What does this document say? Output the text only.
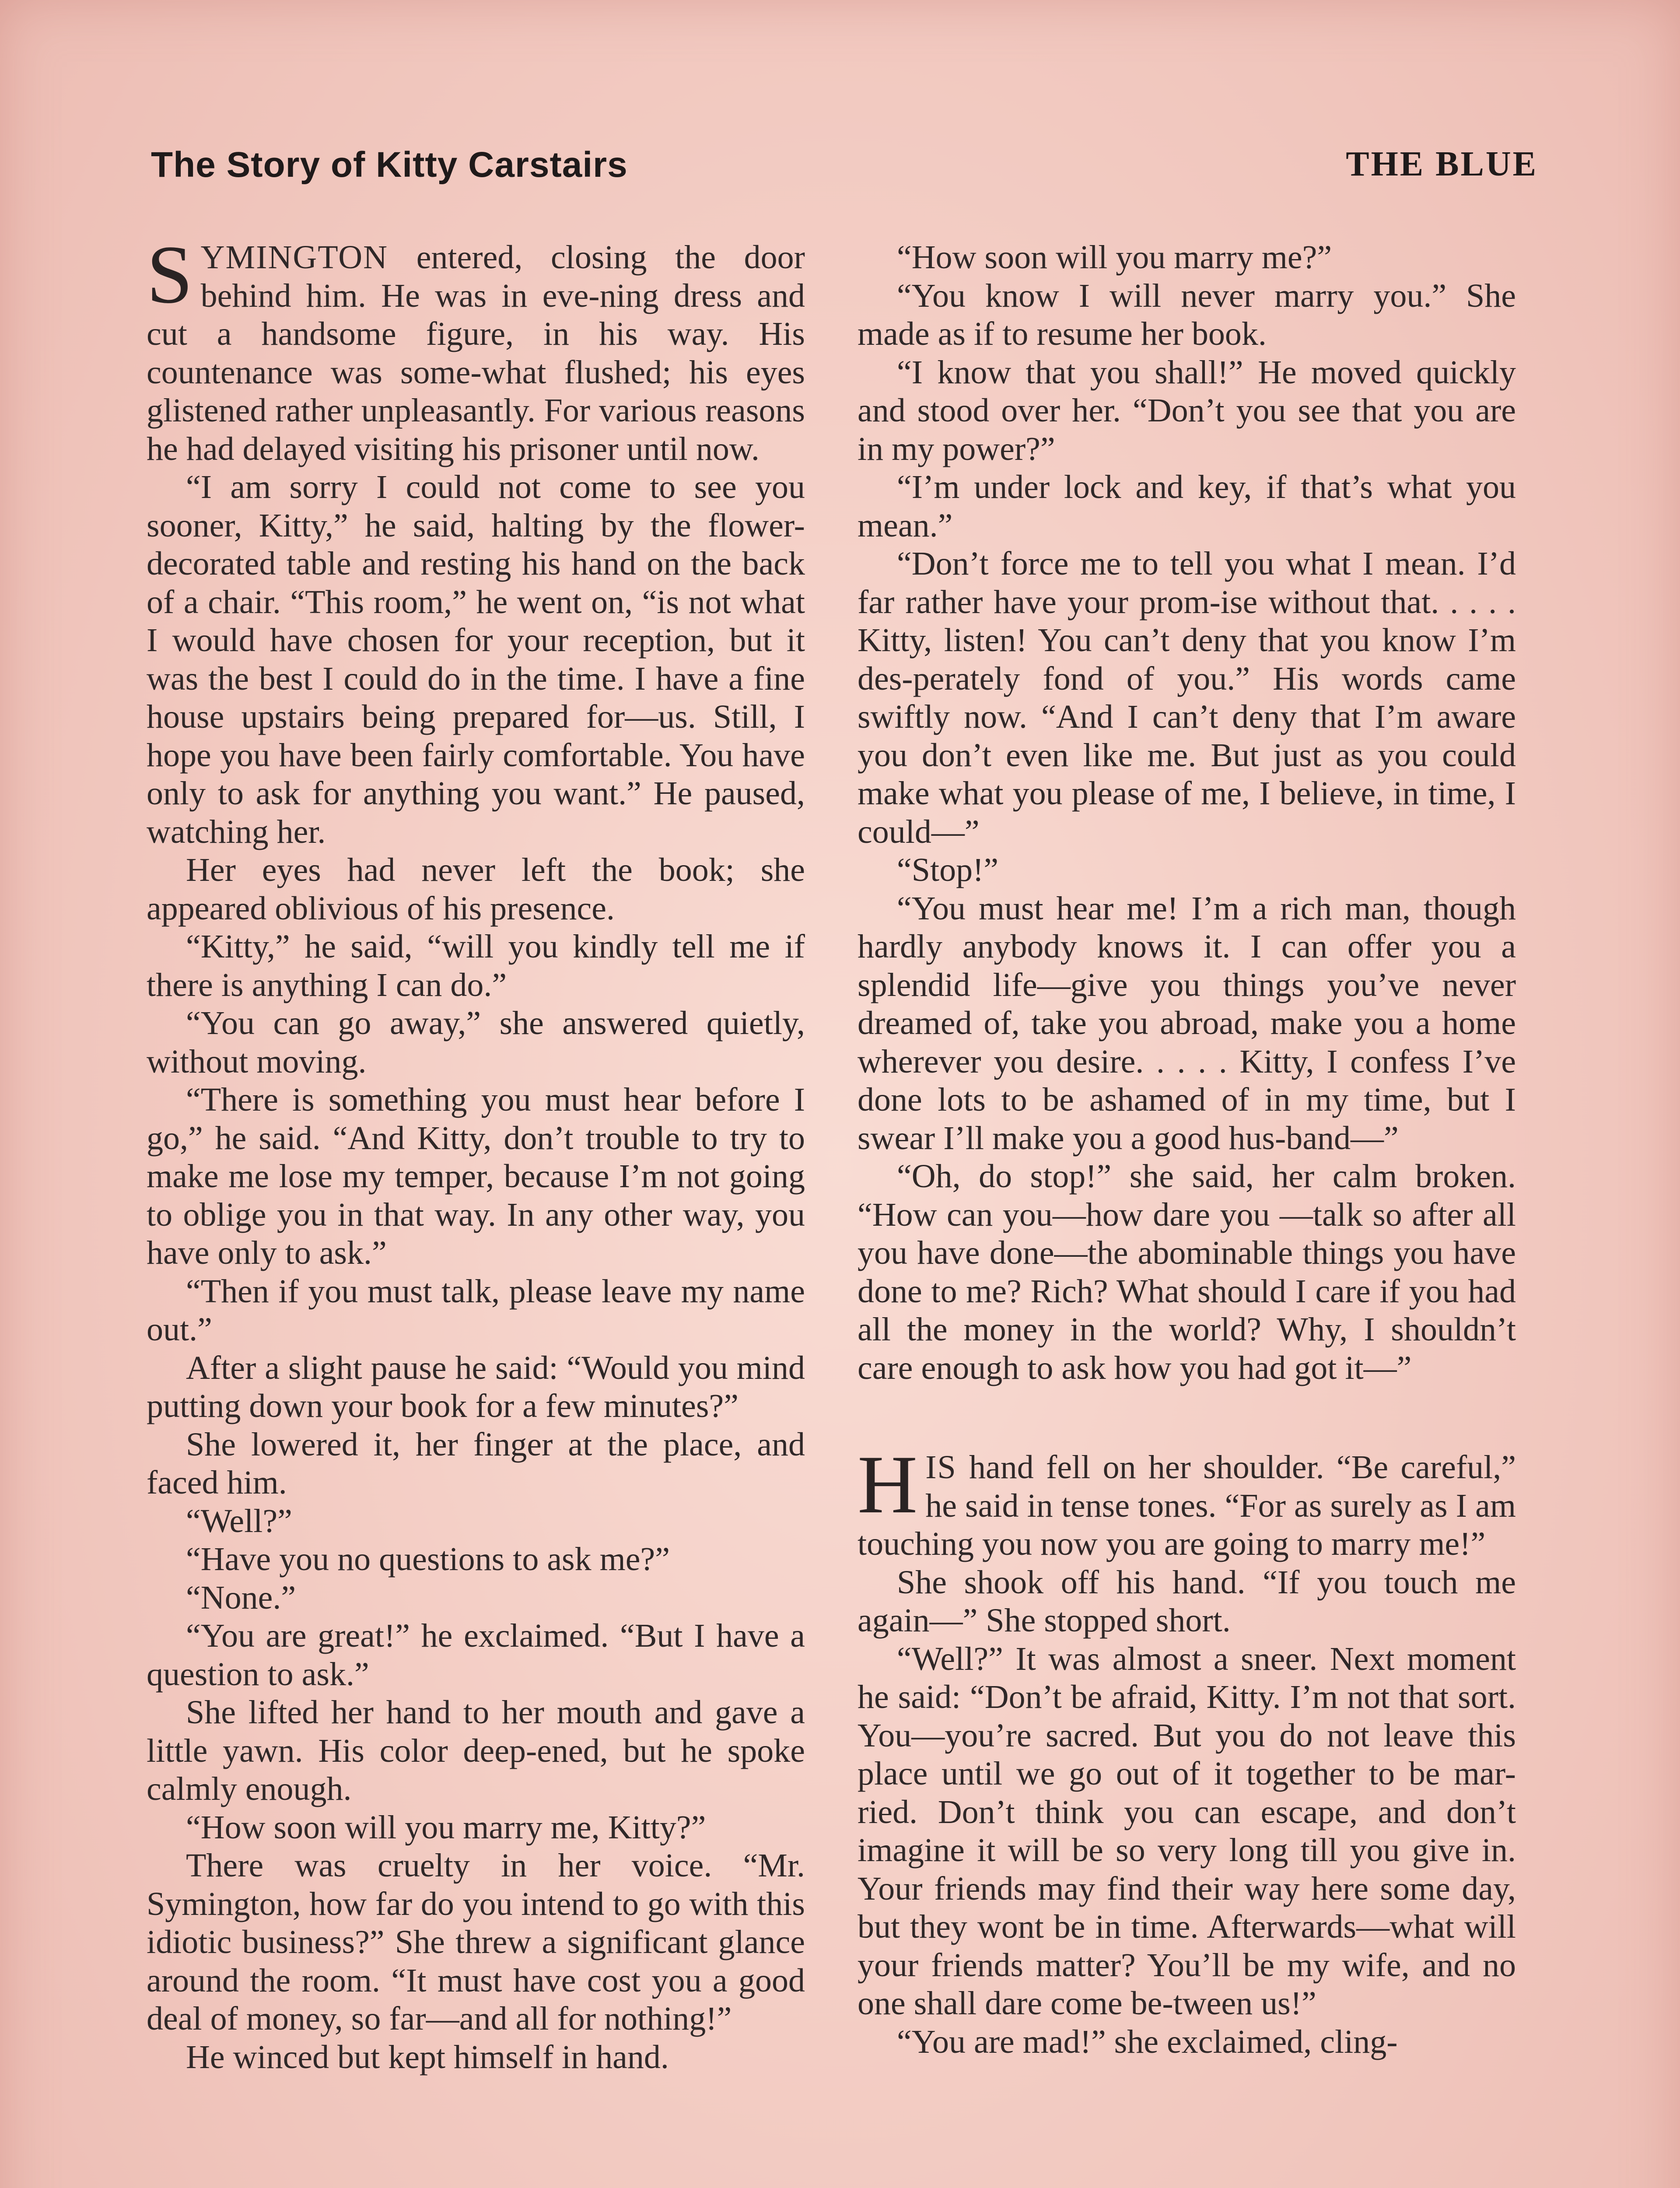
The Story of Kitty Carstairs	THE BLUE

SYMINGTON entered, closing the door behind him. He was in eve-ning dress and cut a handsome figure, in his way. His countenance was some-what flushed; his eyes glistened rather unpleasantly. For various reasons he had delayed visiting his prisoner until now.

“I am sorry I could not come to see you sooner, Kitty,” he said, halting by the flower-decorated table and resting his hand on the back of a chair. “This room,” he went on, “is not what I would have chosen for your reception, but it was the best I could do in the time. I have a fine house upstairs being prepared for—us. Still, I hope you have been fairly comfortable. You have only to ask for anything you want.” He paused, watching her.

Her eyes had never left the book; she appeared oblivious of his presence.

“Kitty,” he said, “will you kindly tell me if there is anything I can do.”

“You can go away,” she answered quietly, without moving.

“There is something you must hear before I go,” he said. “And Kitty, don’t trouble to try to make me lose my temper, because I’m not going to oblige you in that way. In any other way, you have only to ask.”

“Then if you must talk, please leave my name out.”

After a slight pause he said: “Would you mind putting down your book for a few minutes?”

She lowered it, her finger at the place, and faced him.

“Well?”

“Have you no questions to ask me?”

“None.”

“You are great!” he exclaimed. “But I have a question to ask.”

She lifted her hand to her mouth and gave a little yawn. His color deep-ened, but he spoke calmly enough.

“How soon will you marry me, Kitty?”

There was cruelty in her voice. “Mr. Symington, how far do you intend to go with this idiotic business?” She threw a significant glance around the room. “It must have cost you a good deal of money, so far—and all for nothing!”

He winced but kept himself in hand.

“How soon will you marry me?”

“You know I will never marry you.” She made as if to resume her book.

“I know that you shall!” He moved quickly and stood over her. “Don’t you see that you are in my power?”

“I’m under lock and key, if that’s what you mean.”

“Don’t force me to tell you what I mean. I’d far rather have your prom-ise without that. . . . . Kitty, listen! You can’t deny that you know I’m des-perately fond of you.” His words came swiftly now. “And I can’t deny that I’m aware you don’t even like me. But just as you could make what you please of me, I believe, in time, I could—”

“Stop!”

“You must hear me! I’m a rich man, though hardly anybody knows it. I can offer you a splendid life—give you things you’ve never dreamed of, take you abroad, make you a home wherever you desire. . . . . Kitty, I confess I’ve done lots to be ashamed of in my time, but I swear I’ll make you a good hus-band—”

“Oh, do stop!” she said, her calm broken. “How can you—how dare you —talk so after all you have done—the abominable things you have done to me? Rich? What should I care if you had all the money in the world? Why, I shouldn’t care enough to ask how you had got it—”

HIS hand fell on her shoulder. “Be careful,” he said in tense tones. “For as surely as I am touching you now you are going to marry me!”

She shook off his hand. “If you touch me again—” She stopped short.

“Well?” It was almost a sneer. Next moment he said: “Don’t be afraid, Kitty. I’m not that sort. You—you’re sacred. But you do not leave this place until we go out of it together to be mar-ried. Don’t think you can escape, and don’t imagine it will be so very long till you give in. Your friends may find their way here some day, but they wont be in time. Afterwards—what will your friends matter? You’ll be my wife, and no one shall dare come be-tween us!”

“You are mad!” she exclaimed, cling-
